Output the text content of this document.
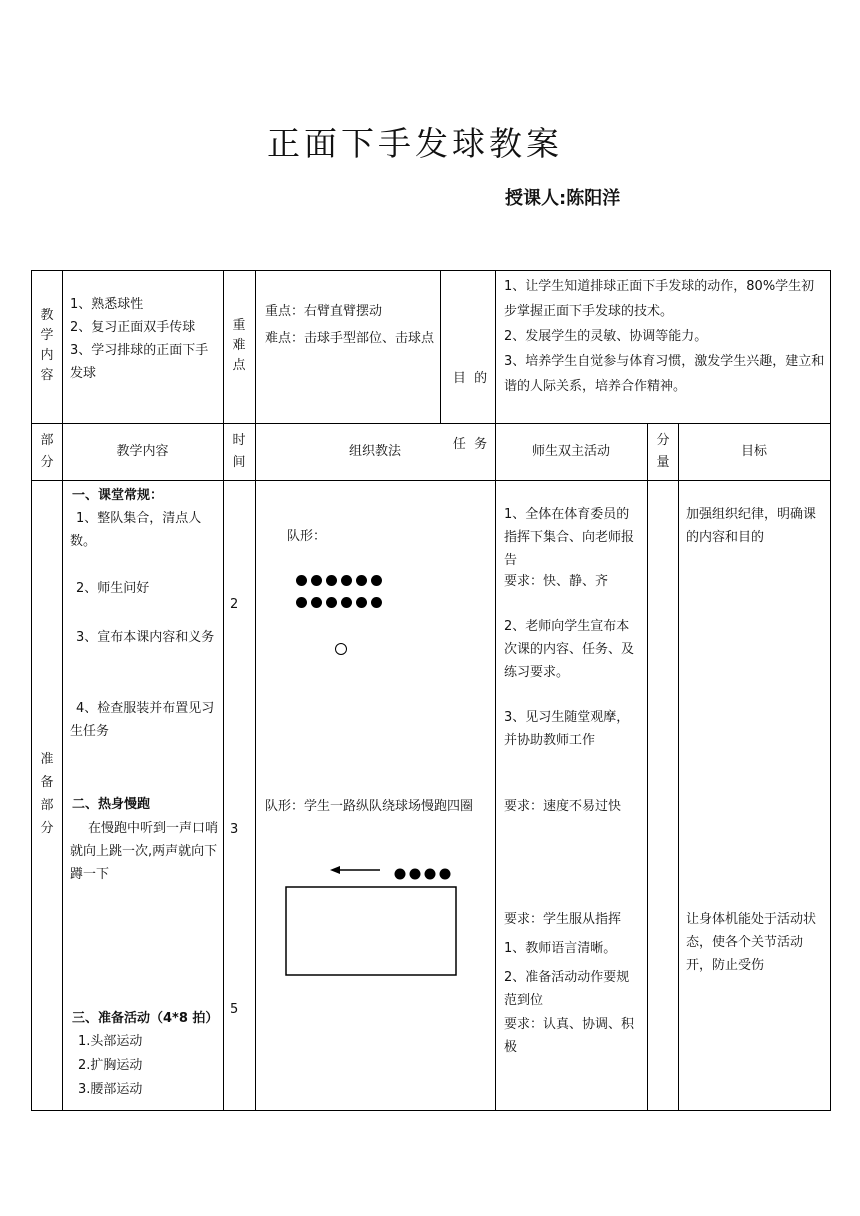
正面下手发球教案
授课人:陈阳洋
教
学
内
容
1、熟悉球性
2、复习正面双手传球
3、学习排球的正面下手发球
重
难
点
重点：右臂直臂摆动
难点：击球手型部位、击球点

目  的

任  务

1、让学生知道排球正面下手发球的动作，80%学生初步掌握正面下手发球的技术。
2、发展学生的灵敏、协调等能力。
3、培养学生自觉参与体育习惯，激发学生兴趣，建立和谐的人际关系，培养合作精神。
部
分
教学内容
时
间
组织教法	师生双主活动
分
量
目标
准
备
部
分
一、课堂常规：
1、整队集合，清点人数。
2、师生问好
3、宣布本课内容和义务
4、检查服装并布置见习生任务
二、热身慢跑
在慢跑中听到一声口哨就向上跳一次,两声就向下蹲一下
三、准备活动（4*8 拍）
1.头部运动
2.扩胸运动
3.腰部运动
2
3
5
队形：
队形：学生一路纵队绕球场慢跑四圈
1、全体在体育委员的指挥下集合、向老师报告
要求：快、静、齐
2、老师向学生宣布本次课的内容、任务、及练习要求。
3、见习生随堂观摩，并协助教师工作
要求：速度不易过快
要求：学生服从指挥
1、教师语言清晰。
2、准备活动动作要规范到位
要求：认真、协调、积极
加强组织纪律，明确课的内容和目的
让身体机能处于活动状态，使各个关节活动开，防止受伤
